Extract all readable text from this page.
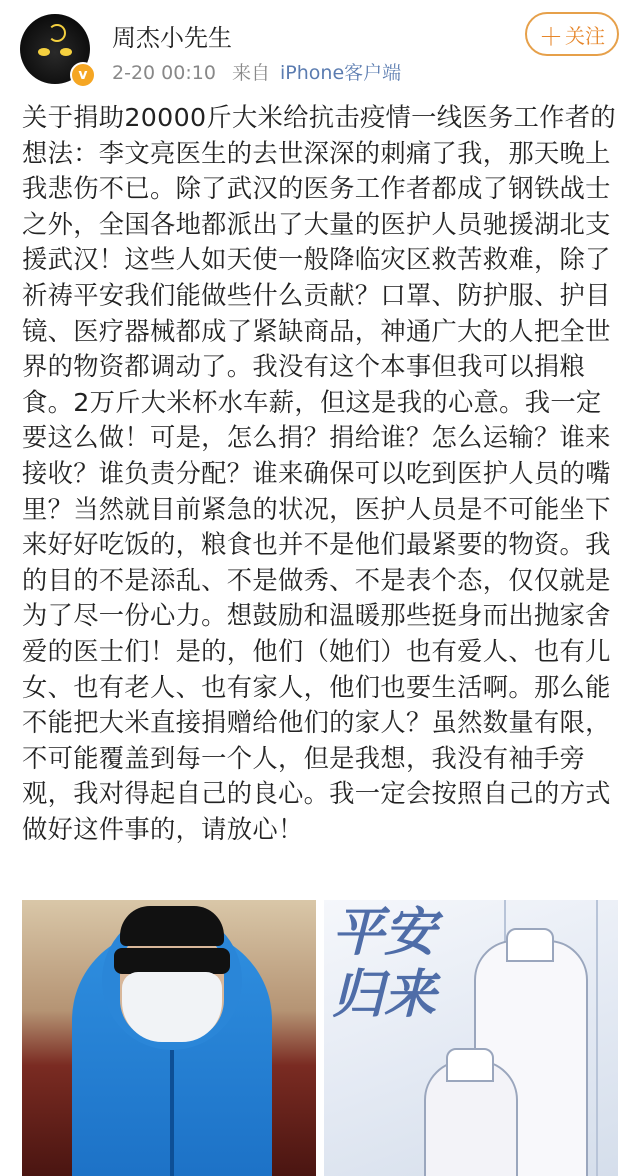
v
周杰小先生
2-20 00:10 来自 iPhone客户端
＋ 关注
关于捐助20000斤大米给抗击疫情一线医务工作者的想法：李文亮医生的去世深深的刺痛了我，那天晚上我悲伤不已。除了武汉的医务工作者都成了钢铁战士之外，全国各地都派出了大量的医护人员驰援湖北支援武汉！这些人如天使一般降临灾区救苦救难，除了祈祷平安我们能做些什么贡献？口罩、防护服、护目镜、医疗器械都成了紧缺商品，神通广大的人把全世界的物资都调动了。我没有这个本事但我可以捐粮食。2万斤大米杯水车薪，但这是我的心意。我一定要这么做！可是，怎么捐？捐给谁？怎么运输？谁来接收？谁负责分配？谁来确保可以吃到医护人员的嘴里？当然就目前紧急的状况，医护人员是不可能坐下来好好吃饭的，粮食也并不是他们最紧要的物资。我的目的不是添乱、不是做秀、不是表个态，仅仅就是为了尽一份心力。想鼓励和温暖那些挺身而出抛家舍爱的医士们！是的，他们（她们）也有爱人、也有儿女、也有老人、也有家人，他们也要生活啊。那么能不能把大米直接捐赠给他们的家人？虽然数量有限，不可能覆盖到每一个人，但是我想，我没有袖手旁观，我对得起自己的良心。我一定会按照自己的方式做好这件事的，请放心！
平安归来
